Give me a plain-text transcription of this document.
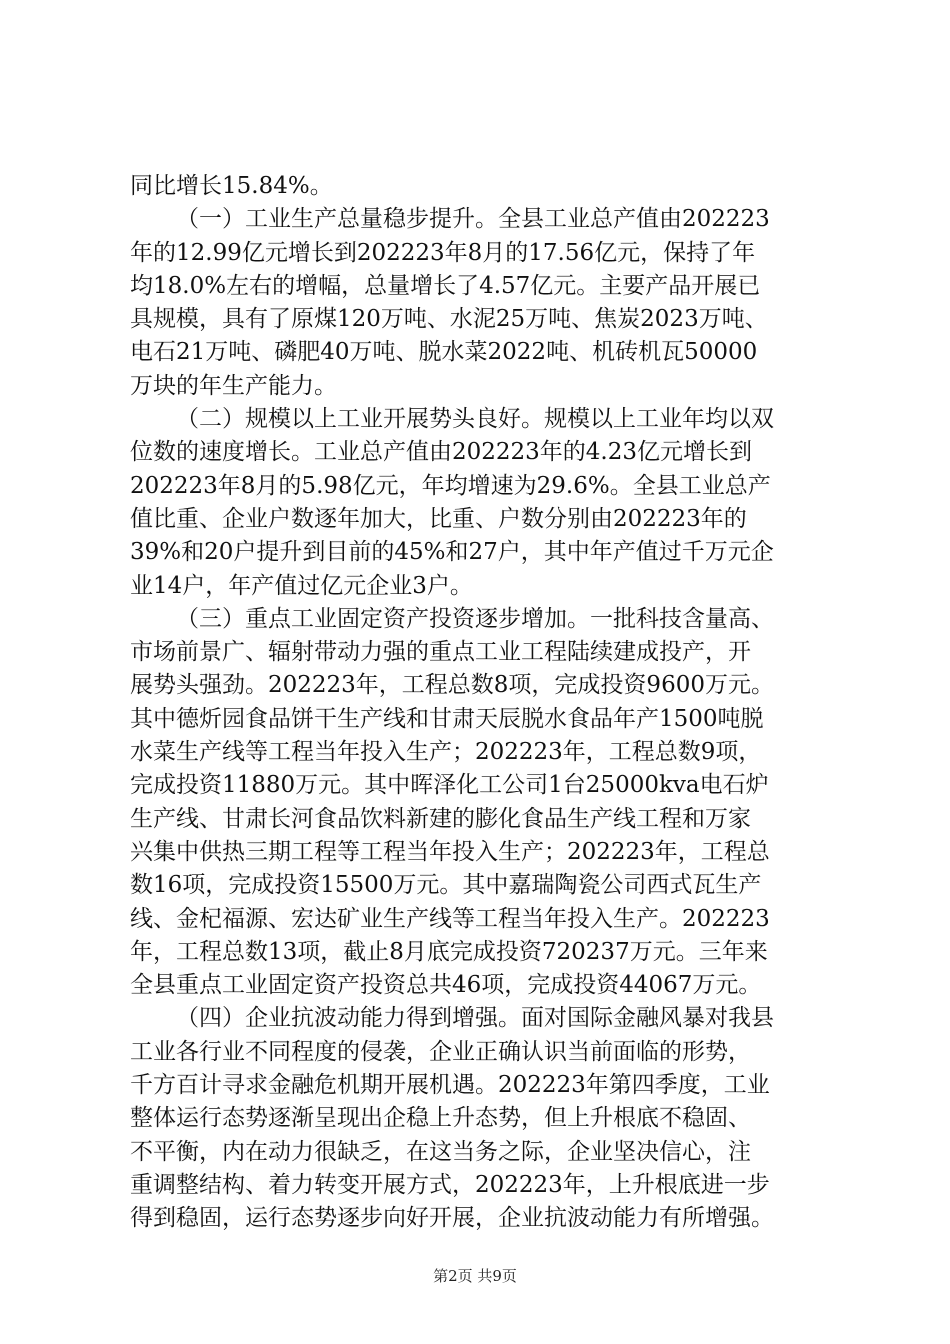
同比增长15.84%。
（一）工业生产总量稳步提升。全县工业总产值由202223
年的12.99亿元增长到202223年8月的17.56亿元，保持了年
均18.0%左右的增幅，总量增长了4.57亿元。主要产品开展已
具规模，具有了原煤120万吨、水泥25万吨、焦炭2023万吨、
电石21万吨、磷肥40万吨、脱水菜2022吨、机砖机瓦50000
万块的年生产能力。
（二）规模以上工业开展势头良好。规模以上工业年均以双
位数的速度增长。工业总产值由202223年的4.23亿元增长到
202223年8月的5.98亿元，年均增速为29.6%。全县工业总产
值比重、企业户数逐年加大，比重、户数分别由202223年的
39%和20户提升到目前的45%和27户，其中年产值过千万元企
业14户，年产值过亿元企业3户。
（三）重点工业固定资产投资逐步增加。一批科技含量高、
市场前景广、辐射带动力强的重点工业工程陆续建成投产，开
展势头强劲。202223年，工程总数8项，完成投资9600万元。
其中德炘园食品饼干生产线和甘肃天辰脱水食品年产1500吨脱
水菜生产线等工程当年投入生产；202223年，工程总数9项，
完成投资11880万元。其中晖泽化工公司1台25000kva电石炉
生产线、甘肃长河食品饮料新建的膨化食品生产线工程和万家
兴集中供热三期工程等工程当年投入生产；202223年，工程总
数16项，完成投资15500万元。其中嘉瑞陶瓷公司西式瓦生产
线、金杞福源、宏达矿业生产线等工程当年投入生产。202223
年，工程总数13项，截止8月底完成投资720237万元。三年来
全县重点工业固定资产投资总共46项，完成投资44067万元。
（四）企业抗波动能力得到增强。面对国际金融风暴对我县
工业各行业不同程度的侵袭，企业正确认识当前面临的形势，
千方百计寻求金融危机期开展机遇。202223年第四季度，工业
整体运行态势逐渐呈现出企稳上升态势，但上升根底不稳固、
不平衡，内在动力很缺乏，在这当务之际，企业坚决信心，注
重调整结构、着力转变开展方式，202223年，上升根底进一步
得到稳固，运行态势逐步向好开展，企业抗波动能力有所增强。
第2页 共9页
